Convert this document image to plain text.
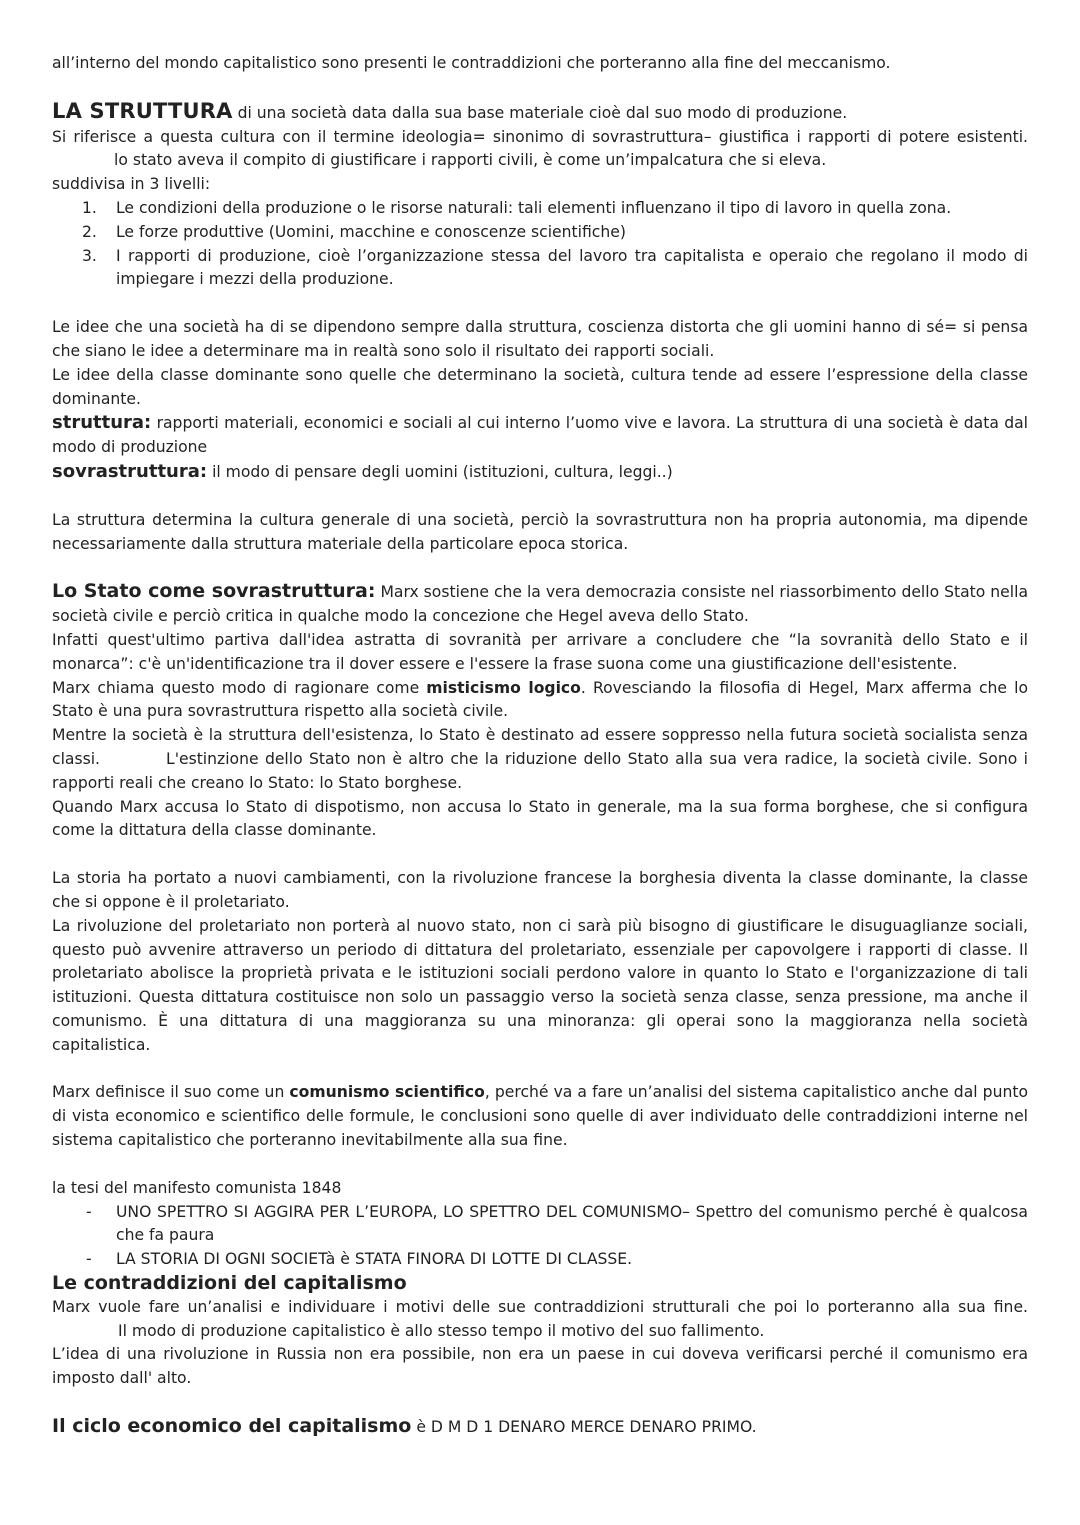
all’interno del mondo capitalistico sono presenti le contraddizioni che porteranno alla fine del meccanismo.

LA STRUTTURA di una società data dalla sua base materiale cioè dal suo modo di produzione.

Si riferisce a questa cultura con il termine ideologia= sinonimo di sovrastruttura– giustifica i rapporti di potere esistenti.lo stato aveva il compito di giustificare i rapporti civili, è come un’impalcatura che si eleva.

suddivisa in 3 livelli:

1. Le condizioni della produzione o le risorse naturali: tali elementi influenzano il tipo di lavoro in quella zona.
2. Le forze produttive (Uomini, macchine e conoscenze scientifiche)
3. I rapporti di produzione, cioè l’organizzazione stessa del lavoro tra capitalista e operaio che regolano il modo di impiegare i mezzi della produzione.

Le idee che una società ha di se dipendono sempre dalla struttura, coscienza distorta che gli uomini hanno di sé= si pensa che siano le idee a determinare ma in realtà sono solo il risultato dei rapporti sociali.

Le idee della classe dominante sono quelle che determinano la società, cultura tende ad essere l’espressione della classe dominante.

struttura: rapporti materiali, economici e sociali al cui interno l’uomo vive e lavora. La struttura di una società è data dal modo di produzione

sovrastruttura: il modo di pensare degli uomini (istituzioni, cultura, leggi..)

La struttura determina la cultura generale di una società, perciò la sovrastruttura non ha propria autonomia, ma dipende necessariamente dalla struttura materiale della particolare epoca storica.

Lo Stato come sovrastruttura: Marx sostiene che la vera democrazia consiste nel riassorbimento dello Stato nella società civile e perciò critica in qualche modo la concezione che Hegel aveva dello Stato.

Infatti quest'ultimo partiva dall'idea astratta di sovranità per arrivare a concludere che “la sovranità dello Stato e il monarca”: c'è un'identificazione tra il dover essere e l'essere la frase suona come una giustificazione dell'esistente.

Marx chiama questo modo di ragionare come misticismo logico. Rovesciando la filosofia di Hegel, Marx afferma che lo Stato è una pura sovrastruttura rispetto alla società civile.

Mentre la società è la struttura dell'esistenza, lo Stato è destinato ad essere soppresso nella futura società socialista senza classi.	L'estinzione dello Stato non è altro che la riduzione dello Stato alla sua vera radice, la società civile. Sono i rapporti reali che creano lo Stato: lo Stato borghese.

Quando Marx accusa lo Stato di dispotismo, non accusa lo Stato in generale, ma la sua forma borghese, che si configura come la dittatura della classe dominante.

La storia ha portato a nuovi cambiamenti, con la rivoluzione francese la borghesia diventa la classe dominante, la classe che si oppone è il proletariato.

La rivoluzione del proletariato non porterà al nuovo stato, non ci sarà più bisogno di giustificare le disuguaglianze sociali, questo può avvenire attraverso un periodo di dittatura del proletariato, essenziale per capovolgere i rapporti di classe. Il proletariato abolisce la proprietà privata e le istituzioni sociali perdono valore in quanto lo Stato e l'organizzazione di tali istituzioni. Questa dittatura costituisce non solo un passaggio verso la società senza classe, senza pressione, ma anche il comunismo. È una dittatura di una maggioranza su una minoranza: gli operai sono la maggioranza nella società capitalistica.

Marx definisce il suo come un comunismo scientifico, perché va a fare un’analisi del sistema capitalistico anche dal punto di vista economico e scientifico delle formule, le conclusioni sono quelle di aver individuato delle contraddizioni interne nel sistema capitalistico che porteranno inevitabilmente alla sua fine.

la tesi del manifesto comunista 1848

- UNO SPETTRO SI AGGIRA PER L’EUROPA, LO SPETTRO DEL COMUNISMO– Spettro del comunismo perché è qualcosa che fa paura
- LA STORIA DI OGNI SOCIETà è STATA FINORA DI LOTTE DI CLASSE.

Le contraddizioni del capitalismo

Marx vuole fare un’analisi e individuare i motivi delle sue contraddizioni strutturali che poi lo porteranno alla sua fine.Il modo di produzione capitalistico è allo stesso tempo il motivo del suo fallimento.

L’idea di una rivoluzione in Russia non era possibile, non era un paese in cui doveva verificarsi perché il comunismo era imposto dall' alto.

Il ciclo economico del capitalismo è D M D 1 DENARO MERCE DENARO PRIMO.
